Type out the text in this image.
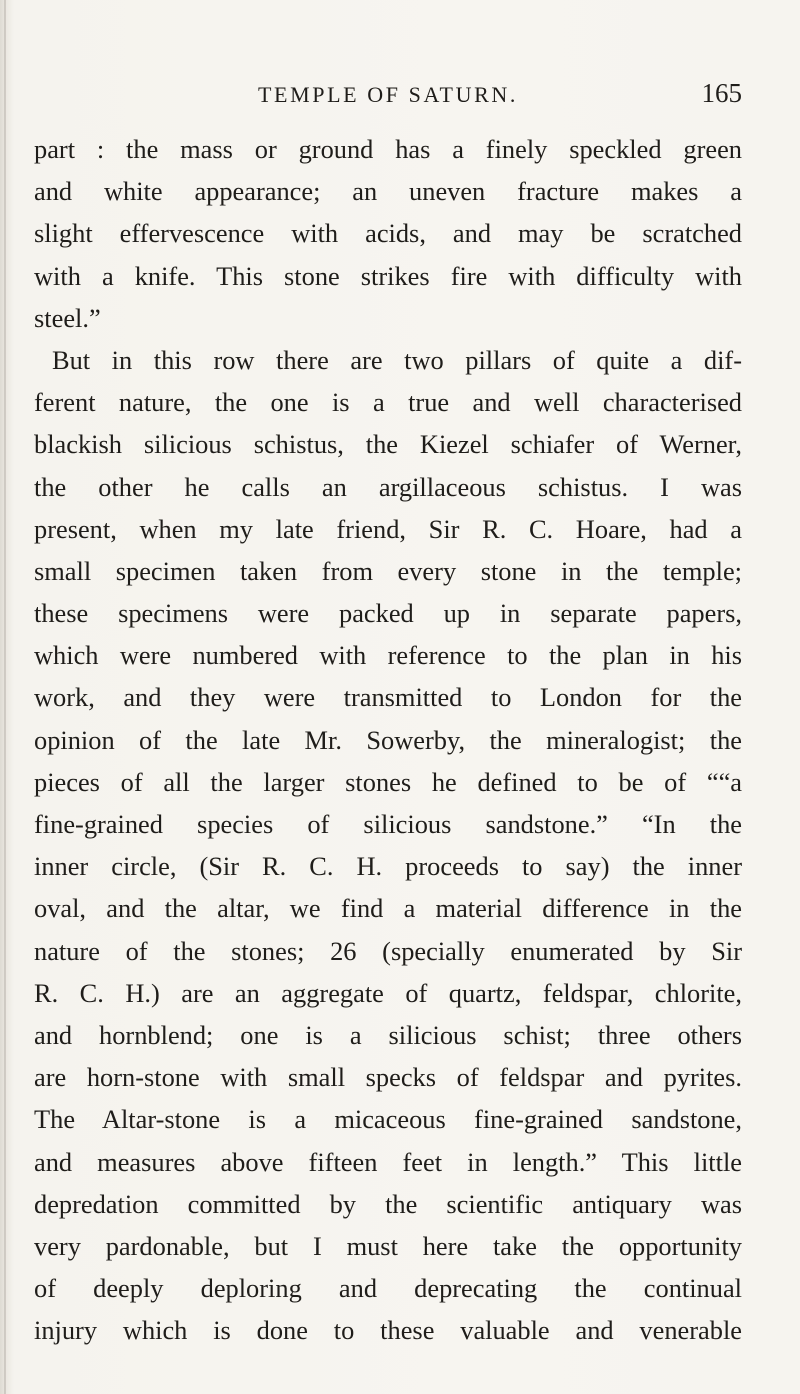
TEMPLE OF SATURN.	165
part : the mass or ground has a finely speckled green
and white appearance; an uneven fracture makes a
slight effervescence with acids, and may be scratched
with a knife. This stone strikes fire with difficulty with
steel.”
But in this row there are two pillars of quite a dif-
ferent nature, the one is a true and well characterised
blackish silicious schistus, the Kiezel schiafer of Werner,
the other he calls an argillaceous schistus. I was
present, when my late friend, Sir R. C. Hoare, had a
small specimen taken from every stone in the temple;
these specimens were packed up in separate papers,
which were numbered with reference to the plan in his
work, and they were transmitted to London for the
opinion of the late Mr. Sowerby, the mineralogist; the
pieces of all the larger stones he defined to be of ““a
fine-grained species of silicious sandstone.” “In the
inner circle, (Sir R. C. H. proceeds to say) the inner
oval, and the altar, we find a material difference in the
nature of the stones; 26 (specially enumerated by Sir
R. C. H.) are an aggregate of quartz, feldspar, chlorite,
and hornblend; one is a silicious schist; three others
are horn-stone with small specks of feldspar and pyrites.
The Altar-stone is a micaceous fine-grained sandstone,
and measures above fifteen feet in length.” This little
depredation committed by the scientific antiquary was
very pardonable, but I must here take the opportunity
of deeply deploring and deprecating the continual
injury which is done to these valuable and venerable
